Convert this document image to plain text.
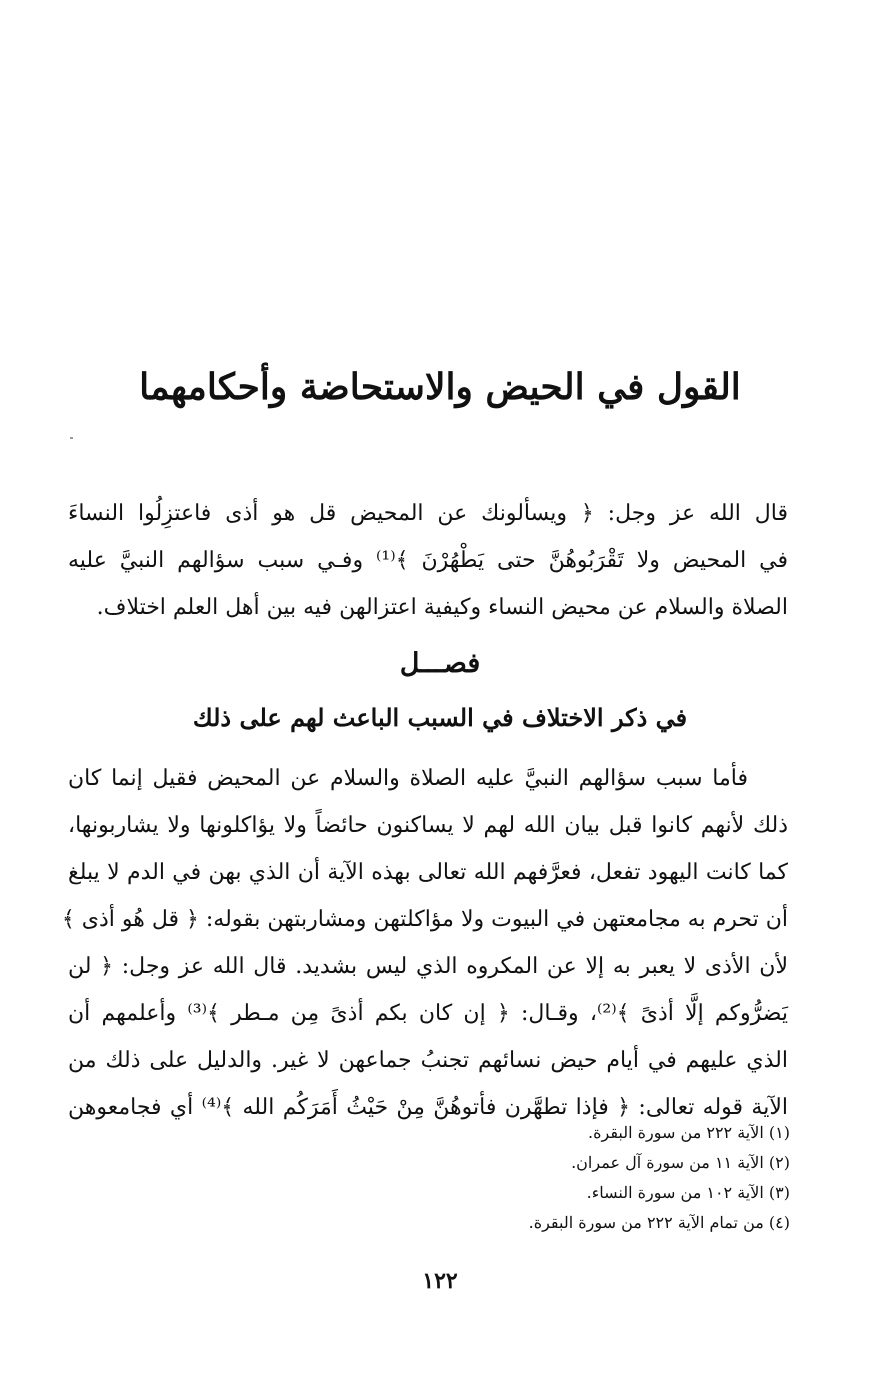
القول في الحيض والاستحاضة وأحكامهما
قال الله عز وجل: ﴿ ويسألونك عن المحيض قل هو أذى فاعتزِلُوا النساءَ
في المحيض ولا تَقْرَبُوهُنَّ حتى يَطْهُرْنَ ﴾⁽¹⁾ وفـي سبب سؤالهم النبيَّ عليه
الصلاة والسلام عن محيض النساء وكيفية اعتزالهن فيه بين أهل العلم اختلاف.
فصـــل
في ذكر الاختلاف في السبب الباعث لهم على ذلك
فأما سبب سؤالهم النبيَّ عليه الصلاة والسلام عن المحيض فقيل إنما كان
ذلك لأنهم كانوا قبل بيان الله لهم لا يساكنون حائضاً ولا يؤاكلونها ولا يشاربونها،
كما كانت اليهود تفعل، فعرَّفهم الله تعالى بهذه الآية أن الذي بهن في الدم لا يبلغ
أن تحرم به مجامعتهن في البيوت ولا مؤاكلتهن ومشاربتهن بقوله: ﴿ قل هُو أذى ﴾
لأن الأذى لا يعبر به إلا عن المكروه الذي ليس بشديد. قال الله عز وجل: ﴿ لن
يَضرُّوكم إلَّا أذىً ﴾⁽²⁾، وقـال: ﴿ إن كان بكم أذىً مِن مـطر ﴾⁽³⁾ وأعلمهم أن
الذي عليهم في أيام حيض نسائهم تجنبُ جماعهن لا غير. والدليل على ذلك من
الآية قوله تعالى: ﴿ فإذا تطهَّرن فأتوهُنَّ مِنْ حَيْثُ أَمَرَكُم الله ﴾⁽⁴⁾ أي فجامعوهن
(١) الآية ٢٢٢ من سورة البقرة.
(٢) الآية ١١ من سورة آل عمران.
(٣) الآية ١٠٢ من سورة النساء.
(٤) من تمام الآية ٢٢٢ من سورة البقرة.
١٢٢
